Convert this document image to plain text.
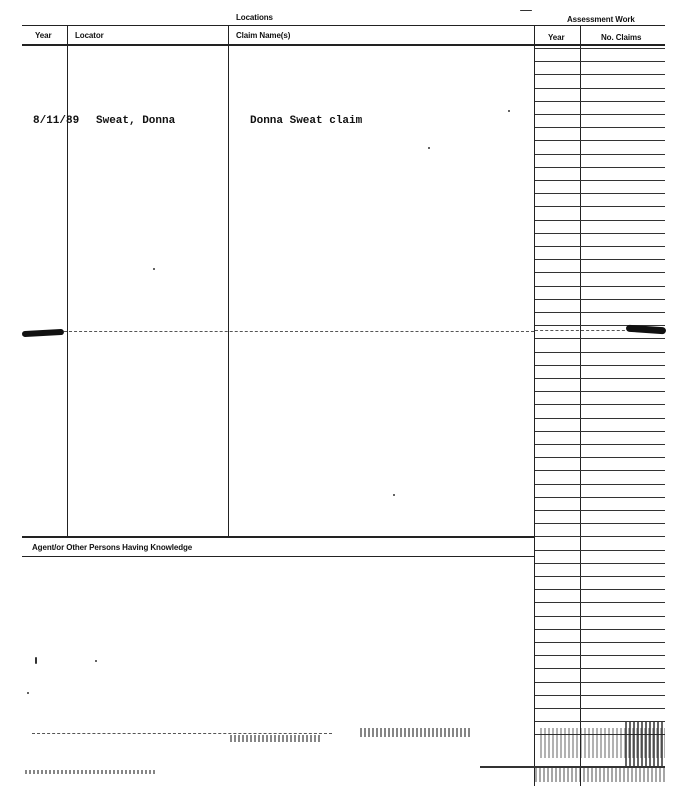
Locations	Assessment Work
Year	Locator	Claim Name(s)	Year	No. Claims
8/11/89 Sweat, Donna	Donna Sweat claim
Agent/or Other Persons Having Knowledge
